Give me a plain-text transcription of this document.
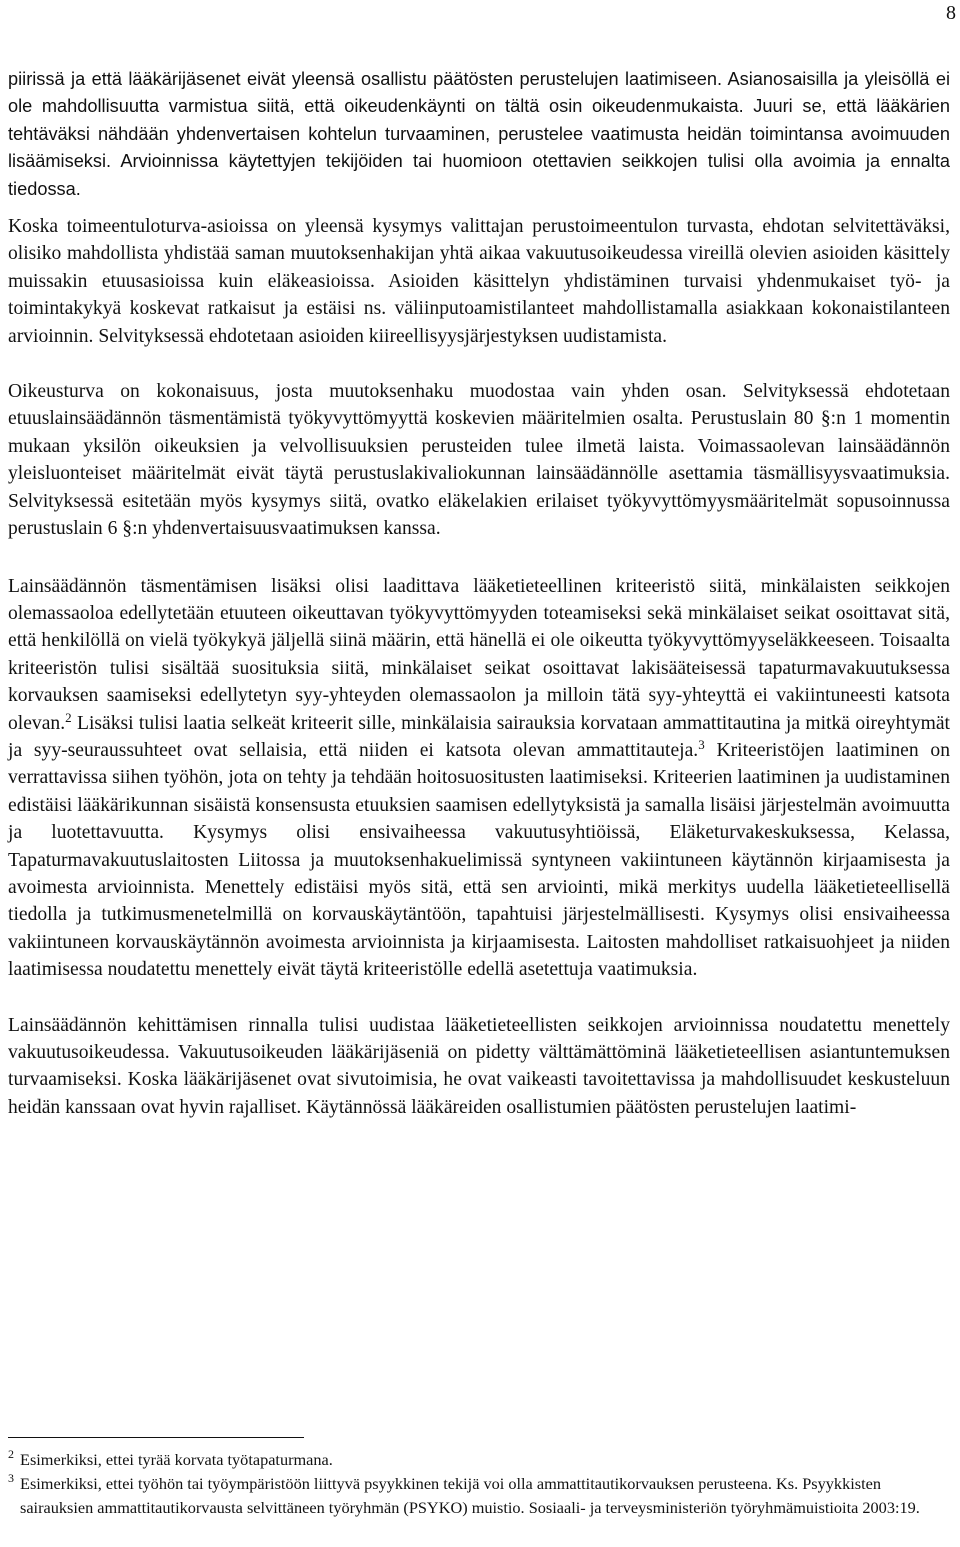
8

piirissä ja että lääkärijäsenet eivät yleensä osallistu päätösten perustelujen laatimiseen. Asianosaisilla ja yleisöllä ei ole mahdollisuutta varmistua siitä, että oikeudenkäynti on tältä osin oikeudenmukaista. Juuri se, että lääkärien tehtäväksi nähdään yhdenvertaisen kohtelun turvaaminen, perustelee vaatimusta heidän toimintansa avoimuuden lisäämiseksi. Arvioinnissa käytettyjen tekijöiden tai huomioon otettavien seikkojen tulisi olla avoimia ja ennalta tiedossa.

Koska toimeentuloturva-asioissa on yleensä kysymys valittajan perustoimeentulon turvasta, ehdotan selvitettäväksi, olisiko mahdollista yhdistää saman muutoksenhakijan yhtä aikaa vakuutusoikeudessa vireillä olevien asioiden käsittely muissakin etuusasioissa kuin eläkeasioissa. Asioiden käsittelyn yhdistäminen turvaisi yhdenmukaiset työ- ja toimintakykyä koskevat ratkaisut ja estäisi ns. väliinputoamistilanteet mahdollistamalla asiakkaan kokonaistilanteen arvioinnin. Selvityksessä ehdotetaan asioiden kiireellisyysjärjestyksen uudistamista.

Oikeusturva on kokonaisuus, josta muutoksenhaku muodostaa vain yhden osan. Selvityksessä ehdotetaan etuuslainsäädännön täsmentämistä työkyvyttömyyttä koskevien määritelmien osalta. Perustuslain 80 §:n 1 momentin mukaan yksilön oikeuksien ja velvollisuuksien perusteiden tulee ilmetä laista. Voimassaolevan lainsäädännön yleisluonteiset määritelmät eivät täytä perustuslakivaliokunnan lainsäädännölle asettamia täsmällisyysvaatimuksia. Selvityksessä esitetään myös kysymys siitä, ovatko eläkelakien erilaiset työkyvyttömyysmääritelmät sopusoinnussa perustuslain 6 §:n yhdenvertaisuusvaatimuksen kanssa.

Lainsäädännön täsmentämisen lisäksi olisi laadittava lääketieteellinen kriteeristö siitä, minkälaisten seikkojen olemassaoloa edellytetään etuuteen oikeuttavan työkyvyttömyyden toteamiseksi sekä minkälaiset seikat osoittavat sitä, että henkilöllä on vielä työkykyä jäljellä siinä määrin, että hänellä ei ole oikeutta työkyvyttömyyseläkkeeseen. Toisaalta kriteeristön tulisi sisältää suosituksia siitä, minkälaiset seikat osoittavat lakisääteisessä tapaturmavakuutuksessa korvauksen saamiseksi edellytetyn syy-yhteyden olemassaolon ja milloin tätä syy-yhteyttä ei vakiintuneesti katsota olevan.$^2$ Lisäksi tulisi laatia selkeät kriteerit sille, minkälaisia sairauksia korvataan ammattitautina ja mitkä oireyhtymät ja syy-seuraussuhteet ovat sellaisia, että niiden ei katsota olevan ammattitauteja.$^3$ Kriteeristöjen laatiminen on verrattavissa siihen työhön, jota on tehty ja tehdään hoitosuositusten laatimiseksi. Kriteerien laatiminen ja uudistaminen edistäisi lääkärikunnan sisäistä konsensusta etuuksien saamisen edellytyksistä ja samalla lisäisi järjestelmän avoimuutta ja luotettavuutta. Kysymys olisi ensivaiheessa vakuutusyhtiöissä, Eläketurvakeskuksessa, Kelassa, Tapaturmavakuutuslaitosten Liitossa ja muutoksenhakuelimissä syntyneen vakiintuneen käytännön kirjaamisesta ja avoimesta arvioinnista. Menettely edistäisi myös sitä, että sen arviointi, mikä merkitys uudella lääketieteellisellä tiedolla ja tutkimusmenetelmillä on korvauskäytäntöön, tapahtuisi järjestelmällisesti. Kysymys olisi ensivaiheessa vakiintuneen korvauskäytännön avoimesta arvioinnista ja kirjaamisesta. Laitosten mahdolliset ratkaisuohjeet ja niiden laatimisessa noudatettu menettely eivät täytä kriteeristölle edellä asetettuja vaatimuksia.

Lainsäädännön kehittämisen rinnalla tulisi uudistaa lääketieteellisten seikkojen arvioinnissa noudatettu menettely vakuutusoikeudessa. Vakuutusoikeuden lääkärijäseniä on pidetty välttämättöminä lääketieteellisen asiantuntemuksen turvaamiseksi. Koska lääkärijäsenet ovat sivutoimisia, he ovat vaikeasti tavoitettavissa ja mahdollisuudet keskusteluun heidän kanssaan ovat hyvin rajalliset. Käytännössä lääkäreiden osallistumien päätösten perustelujen laatimi-

2 Esimerkiksi, ettei tyrää korvata työtapaturmana.

3 Esimerkiksi, ettei työhön tai työympäristöön liittyvä psyykkinen tekijä voi olla ammattitautikorvauksen perusteena. Ks. Psyykkisten sairauksien ammattitautikorvausta selvittäneen työryhmän (PSYKO) muistio. Sosiaali- ja terveysministeriön työryhmämuistioita 2003:19.
